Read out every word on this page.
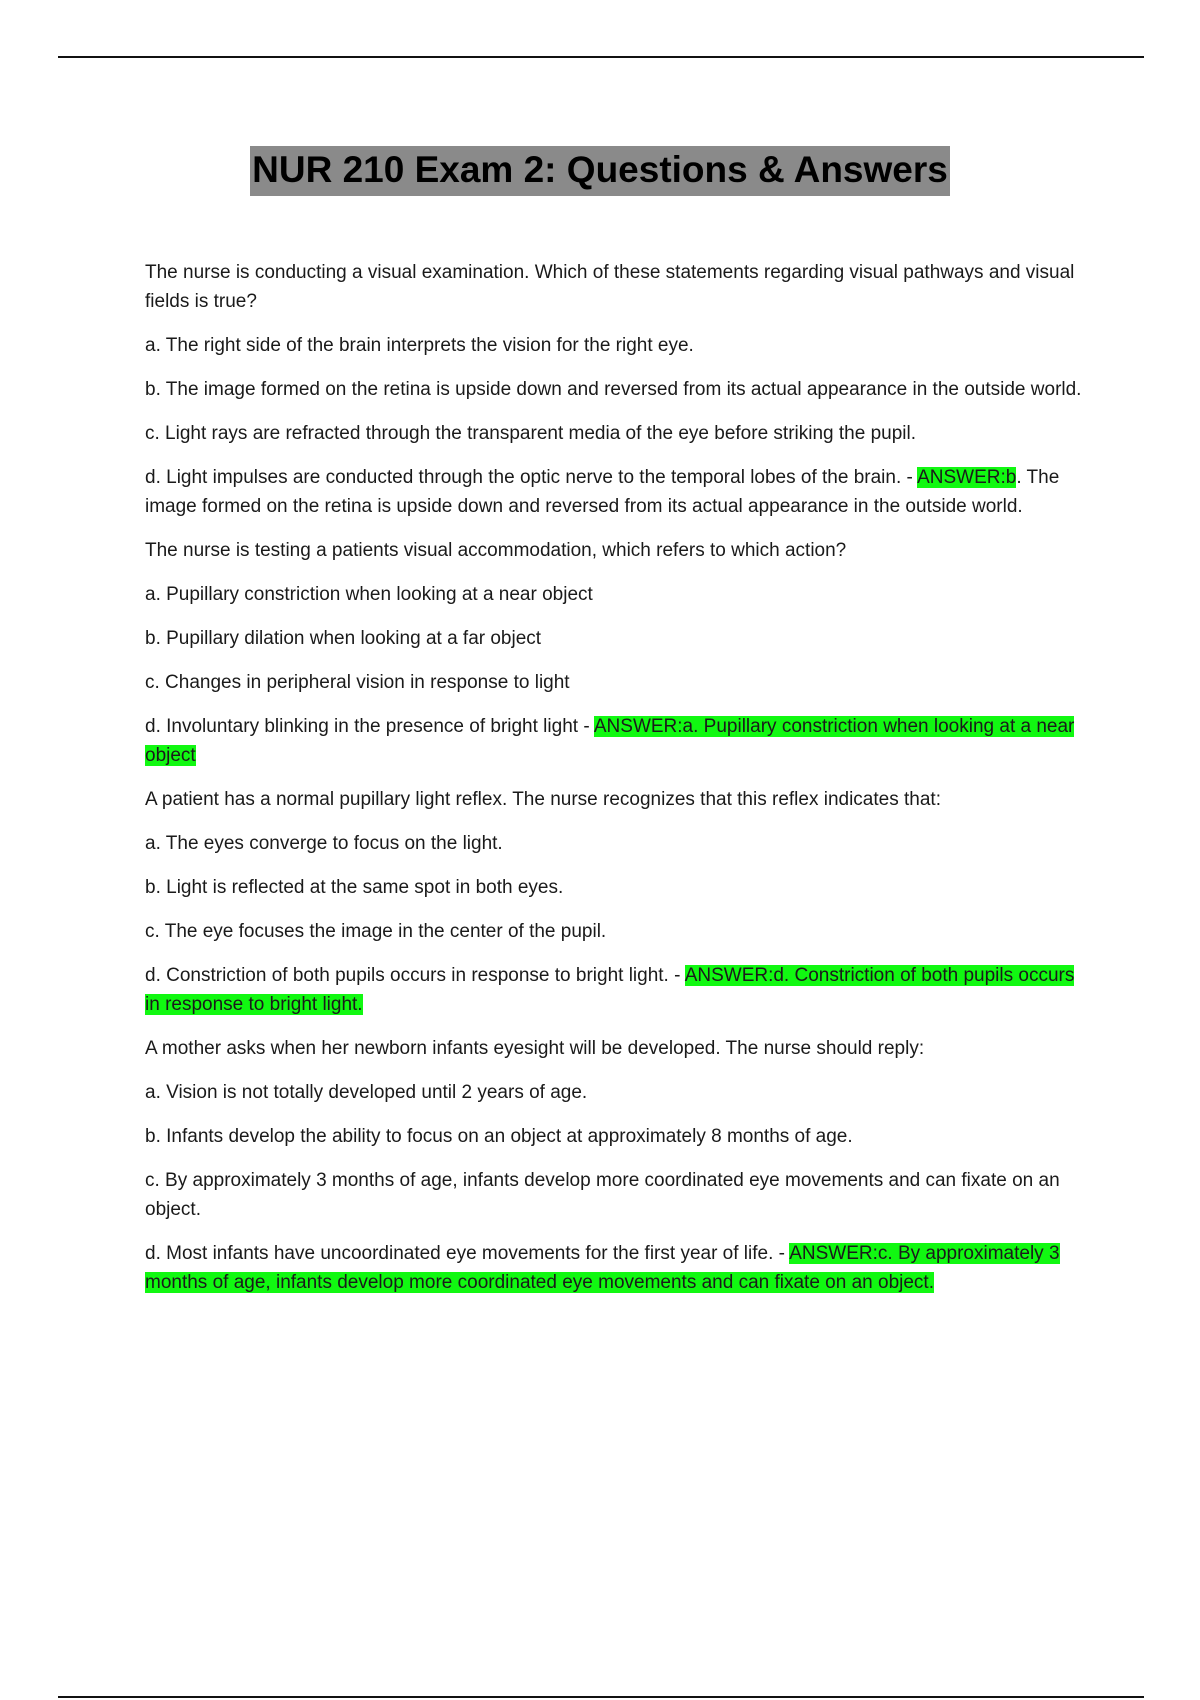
NUR 210 Exam 2: Questions & Answers

The nurse is conducting a visual examination. Which of these statements regarding visual pathways and visual fields is true?

a. The right side of the brain interprets the vision for the right eye.

b. The image formed on the retina is upside down and reversed from its actual appearance in the outside world.

c. Light rays are refracted through the transparent media of the eye before striking the pupil.

d. Light impulses are conducted through the optic nerve to the temporal lobes of the brain. - ANSWER:b. The image formed on the retina is upside down and reversed from its actual appearance in the outside world.

The nurse is testing a patients visual accommodation, which refers to which action?

a. Pupillary constriction when looking at a near object

b. Pupillary dilation when looking at a far object

c. Changes in peripheral vision in response to light

d. Involuntary blinking in the presence of bright light - ANSWER:a. Pupillary constriction when looking at a near object

A patient has a normal pupillary light reflex. The nurse recognizes that this reflex indicates that:

a. The eyes converge to focus on the light.

b. Light is reflected at the same spot in both eyes.

c. The eye focuses the image in the center of the pupil.

d. Constriction of both pupils occurs in response to bright light. - ANSWER:d. Constriction of both pupils occurs in response to bright light.

A mother asks when her newborn infants eyesight will be developed. The nurse should reply:

a. Vision is not totally developed until 2 years of age.

b. Infants develop the ability to focus on an object at approximately 8 months of age.

c. By approximately 3 months of age, infants develop more coordinated eye movements and can fixate on an object.

d. Most infants have uncoordinated eye movements for the first year of life. - ANSWER:c. By approximately 3 months of age, infants develop more coordinated eye movements and can fixate on an object.
